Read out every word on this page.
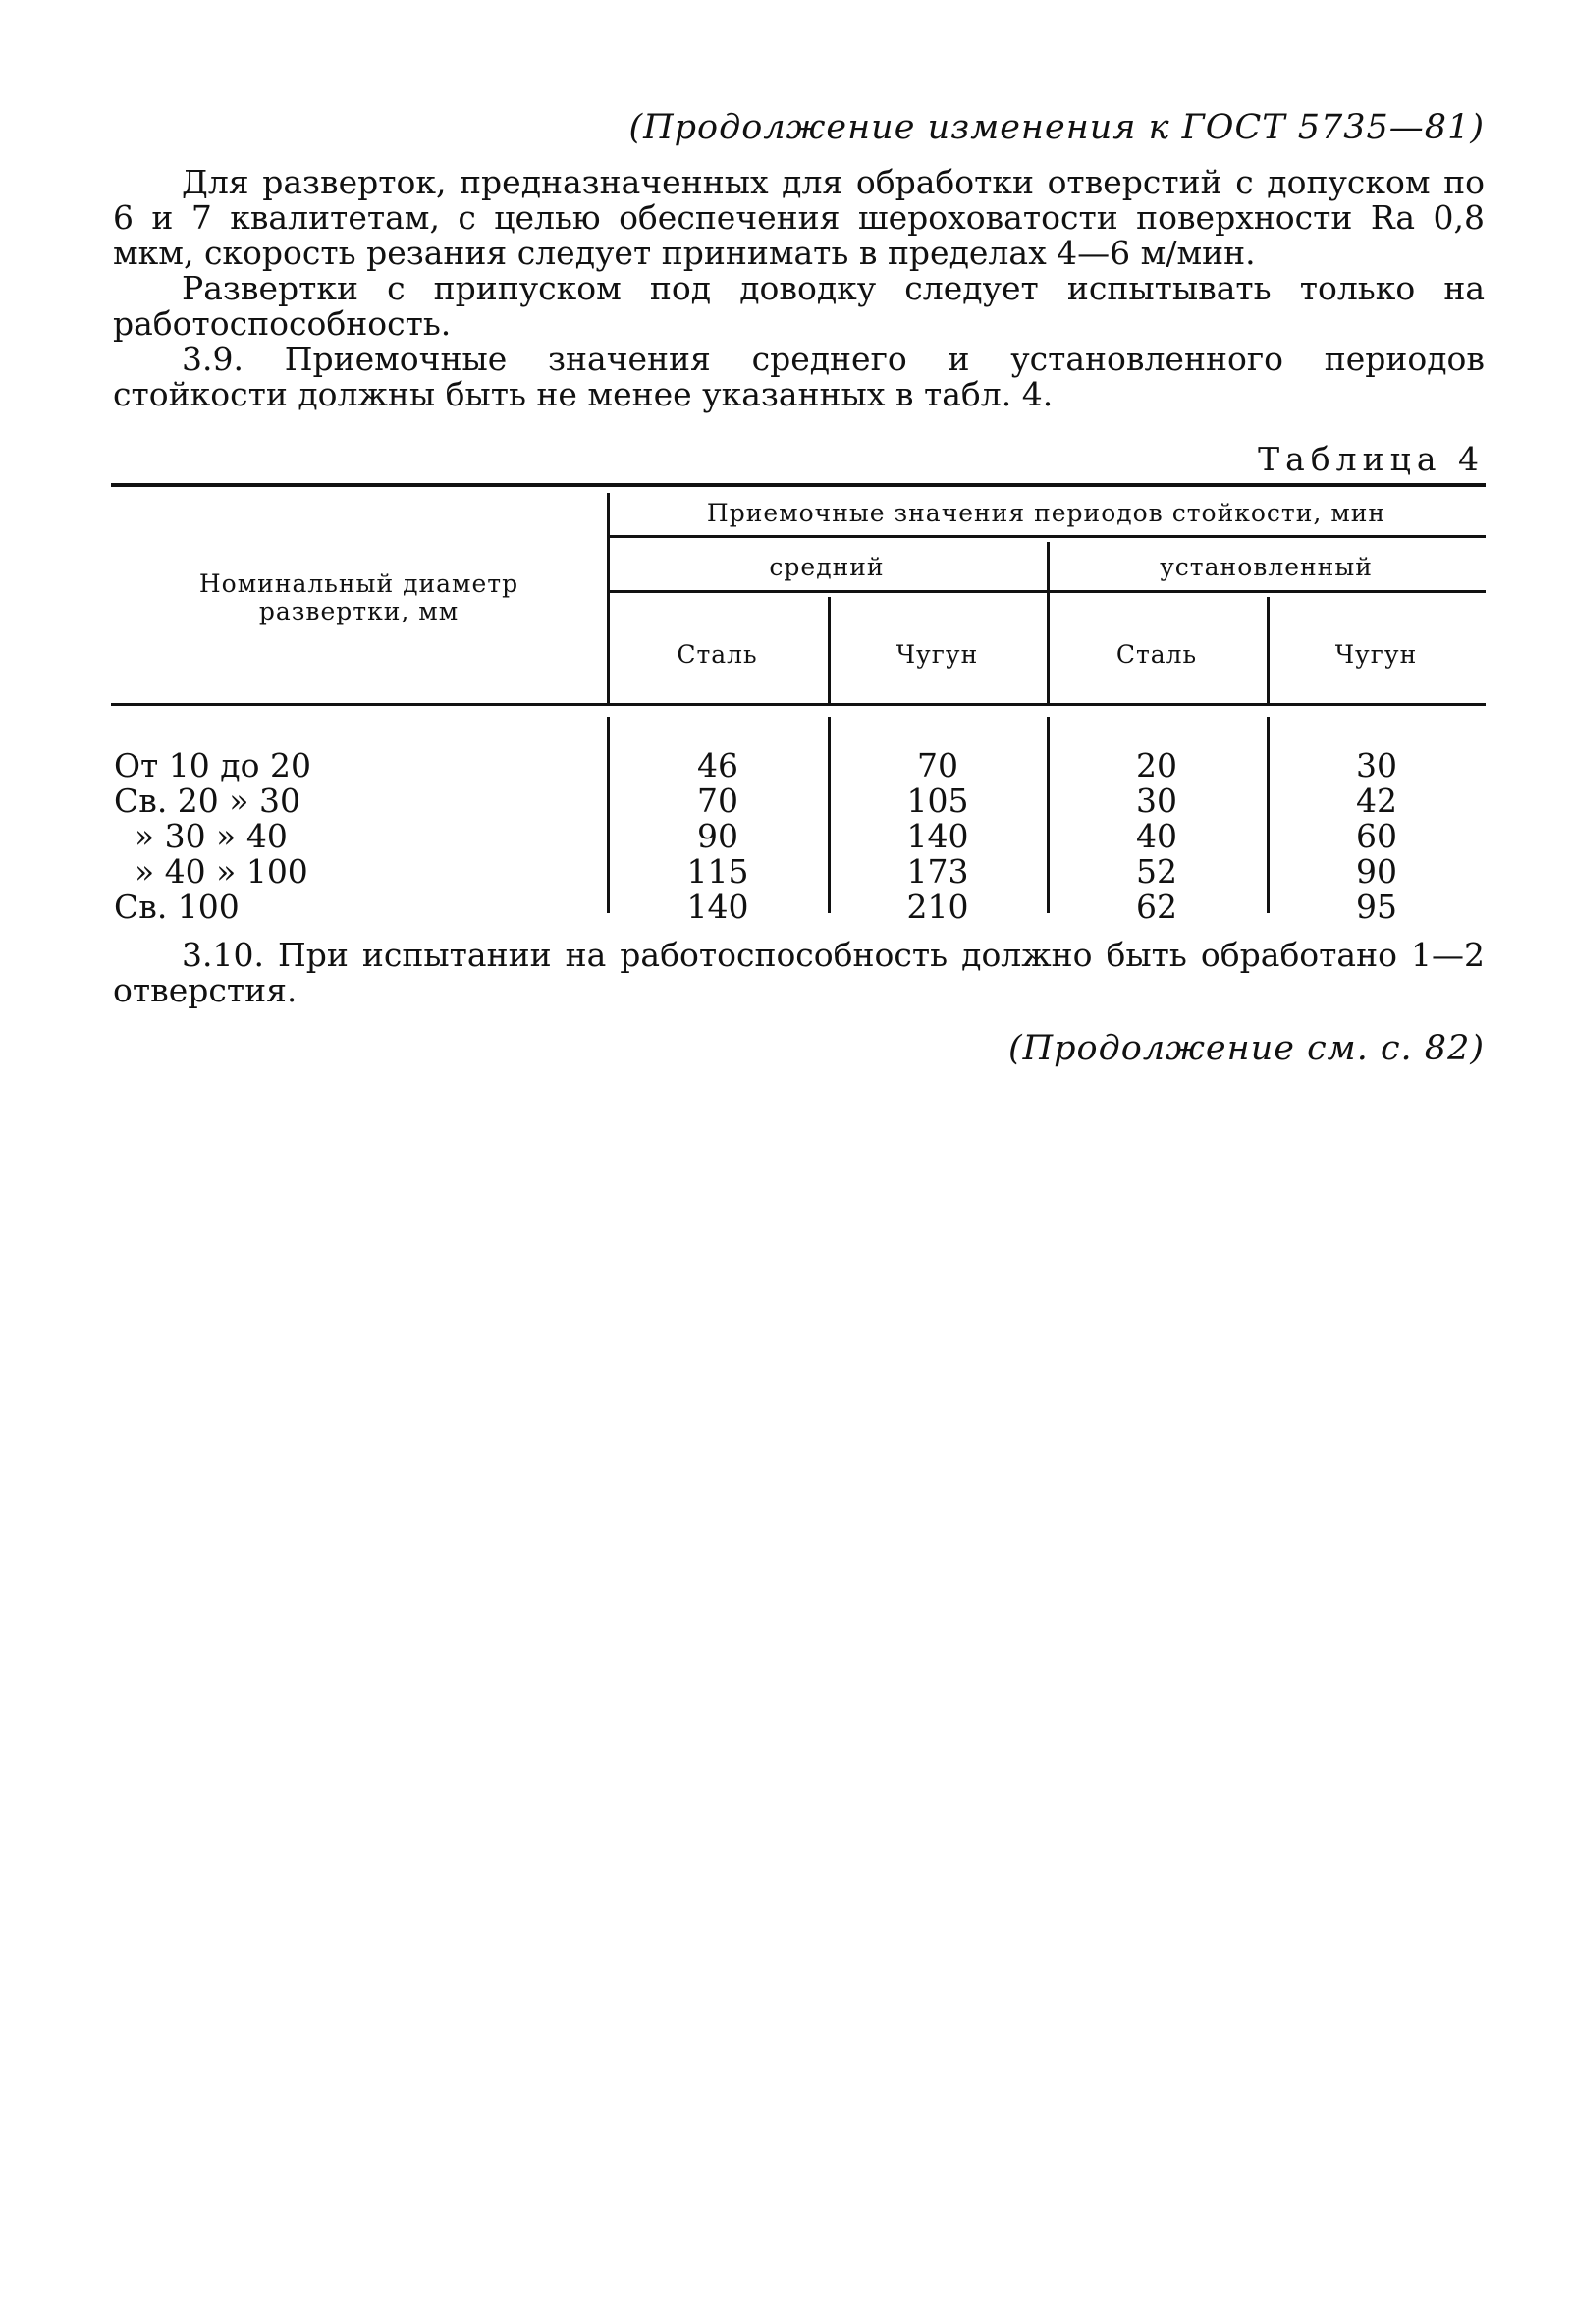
(Продолжение изменения к ГОСТ 5735—81)

Для разверток, предназначенных для обработки отверстий с допуском по 6 и 7 квалитетам, с целью обеспечения шероховатости поверхности Ra 0,8 мкм, скорость резания следует принимать в пределах 4—6 м/мин.

Развертки с припуском под доводку следует испытывать только на работоспособность.

3.9. Приемочные значения среднего и установленного периодов стойкости должны быть не менее указанных в табл. 4.

Таблица 4
Номинальный диаметр
развертки, мм
Приемочные значения периодов стойкости, мин
средний	установленный
Сталь	Чугун	Сталь	Чугун
От 10 до 20	46	70	20	30
Св. 20 » 30	70	105	30	42
» 30 » 40	90	140	40	60
» 40 » 100	115	173	52	90
Св. 100	140	210	62	95

3.10. При испытании на работоспособность должно быть обработано 1—2 отверстия.

(Продолжение см. с. 82)
